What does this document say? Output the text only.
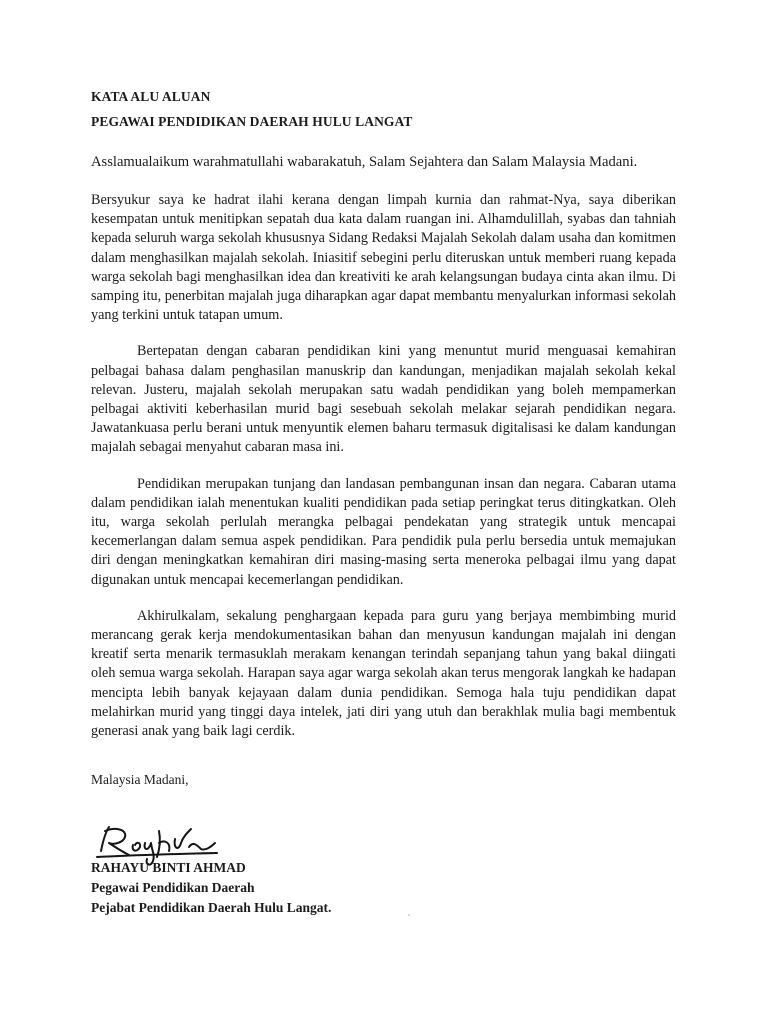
KATA ALU ALUAN

PEGAWAI PENDIDIKAN DAERAH HULU LANGAT

Asslamualaikum warahmatullahi wabarakatuh, Salam Sejahtera dan Salam Malaysia Madani.

Bersyukur saya ke hadrat ilahi kerana dengan limpah kurnia dan rahmat-Nya, saya diberikan kesempatan untuk menitipkan sepatah dua kata dalam ruangan ini. Alhamdulillah, syabas dan tahniah kepada seluruh warga sekolah khususnya Sidang Redaksi Majalah Sekolah dalam usaha dan komitmen dalam menghasilkan majalah sekolah. Iniasitif sebegini perlu diteruskan untuk memberi ruang kepada warga sekolah bagi menghasilkan idea dan kreativiti ke arah kelangsungan budaya cinta akan ilmu. Di samping itu, penerbitan majalah juga diharapkan agar dapat membantu menyalurkan informasi sekolah yang terkini untuk tatapan umum.

Bertepatan dengan cabaran pendidikan kini yang menuntut murid menguasai kemahiran pelbagai bahasa dalam penghasilan manuskrip dan kandungan, menjadikan majalah sekolah kekal relevan. Justeru, majalah sekolah merupakan satu wadah pendidikan yang boleh mempamerkan pelbagai aktiviti keberhasilan murid bagi sesebuah sekolah melakar sejarah pendidikan negara. Jawatankuasa perlu berani untuk menyuntik elemen baharu termasuk digitalisasi ke dalam kandungan majalah sebagai menyahut cabaran masa ini.

Pendidikan merupakan tunjang dan landasan pembangunan insan dan negara. Cabaran utama dalam pendidikan ialah menentukan kualiti pendidikan pada setiap peringkat terus ditingkatkan. Oleh itu, warga sekolah perlulah merangka pelbagai pendekatan yang strategik untuk mencapai kecemerlangan dalam semua aspek pendidikan. Para pendidik pula perlu bersedia untuk memajukan diri dengan meningkatkan kemahiran diri masing-masing serta meneroka pelbagai ilmu yang dapat digunakan untuk mencapai kecemerlangan pendidikan.

Akhirulkalam, sekalung penghargaan kepada para guru yang berjaya membimbing murid merancang gerak kerja mendokumentasikan bahan dan menyusun kandungan majalah ini dengan kreatif serta menarik termasuklah merakam kenangan terindah sepanjang tahun yang bakal diingati oleh semua warga sekolah. Harapan saya agar warga sekolah akan terus mengorak langkah ke hadapan mencipta lebih banyak kejayaan dalam dunia pendidikan. Semoga hala tuju pendidikan dapat melahirkan murid yang tinggi daya intelek, jati diri yang utuh dan berakhlak mulia bagi membentuk generasi anak yang baik lagi cerdik.

Malaysia Madani,

RAHAYU BINTI AHMAD

Pegawai Pendidikan Daerah

Pejabat Pendidikan Daerah Hulu Langat.
